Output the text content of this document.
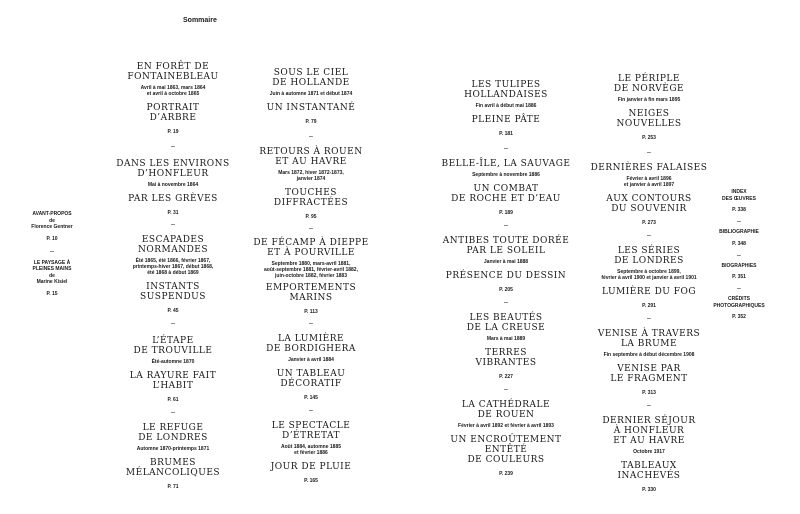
Sommaire
AVANT-PROPOS
de
Florence Gentner
P. 10
–
LE PAYSAGE À
PLEINES MAINS
de
Marine Kisiel
P. 15
EN FORÊT DE
FONTAINEBLEAU
Avril à mai 1863, mars 1864
et avril à octobre 1865
PORTRAIT
D’ARBRE
P. 19
–
DANS LES ENVIRONS
D’HONFLEUR
Mai à novembre 1864
PAR LES GRÈVES
P. 31
–
ESCAPADES
NORMANDES
Été 1865, été 1866, février 1867,
printemps-hiver 1867, début 1868,
été 1868 à début 1869
INSTANTS
SUSPENDUS
P. 45
–
L’ÉTAPE
DE TROUVILLE
Été-automne 1870
LA RAYURE FAIT
L’HABIT
P. 61
–
LE REFUGE
DE LONDRES
Automne 1870-printemps 1871
BRUMES
MÉLANCOLIQUES
P. 71
SOUS LE CIEL
DE HOLLANDE
Juin à automne 1871 et début 1874
UN INSTANTANÉ
P. 79
–
RETOURS À ROUEN
ET AU HAVRE
Mars 1872, hiver 1872-1873,
janvier 1874
TOUCHES
DIFFRACTÉES
P. 95
–
DE FÉCAMP À DIEPPE
ET À POURVILLE
Septembre 1880, mars-avril 1881,
août-septembre 1881, février-avril 1882,
juin-octobre 1882, février 1883
EMPORTEMENTS
MARINS
P. 113
–
LA LUMIÈRE
DE BORDIGHERA
Janvier à avril 1884
UN TABLEAU
DÉCORATIF
P. 145
–
LE SPECTACLE
D’ÉTRETAT
Août 1884, automne 1885
et février 1886
JOUR DE PLUIE
P. 165
LES TULIPES
HOLLANDAISES
Fin avril à début mai 1886
PLEINE PÂTE
P. 181
–
BELLE-ÎLE, LA SAUVAGE
Septembre à novembre 1886
UN COMBAT
DE ROCHE ET D’EAU
P. 189
–
ANTIBES TOUTE DORÉE
PAR LE SOLEIL
Janvier à mai 1888
PRÉSENCE DU DESSIN
P. 205
–
LES BEAUTÉS
DE LA CREUSE
Mars à mai 1889
TERRES
VIBRANTES
P. 227
–
LA CATHÉDRALE
DE ROUEN
Février à avril 1892 et février à avril 1893
UN ENCROÛTEMENT
ENTÊTÉ
DE COULEURS
P. 239
LE PÉRIPLE
DE NORVÈGE
Fin janvier à fin mars 1895
NEIGES
NOUVELLES
P. 253
–
DERNIÈRES FALAISES
Février à avril 1896
et janvier à avril 1897
AUX CONTOURS
DU SOUVENIR
P. 273
–
LES SÉRIES
DE LONDRES
Septembre à octobre 1899,
février à avril 1900 et janvier à avril 1901
LUMIÈRE DU FOG
P. 291
–
VENISE À TRAVERS
LA BRUME
Fin septembre à début décembre 1908
VENISE PAR
LE FRAGMENT
P. 313
–
DERNIER SÉJOUR
À HONFLEUR
ET AU HAVRE
Octobre 1917
TABLEAUX
INACHEVÉS
P. 330
INDEX
DES ŒUVRES
P. 338
–
BIBLIOGRAPHIE
P. 348
–
BIOGRAPHIES
P. 351
–
CRÉDITS
PHOTOGRAPHIQUES
P. 352
